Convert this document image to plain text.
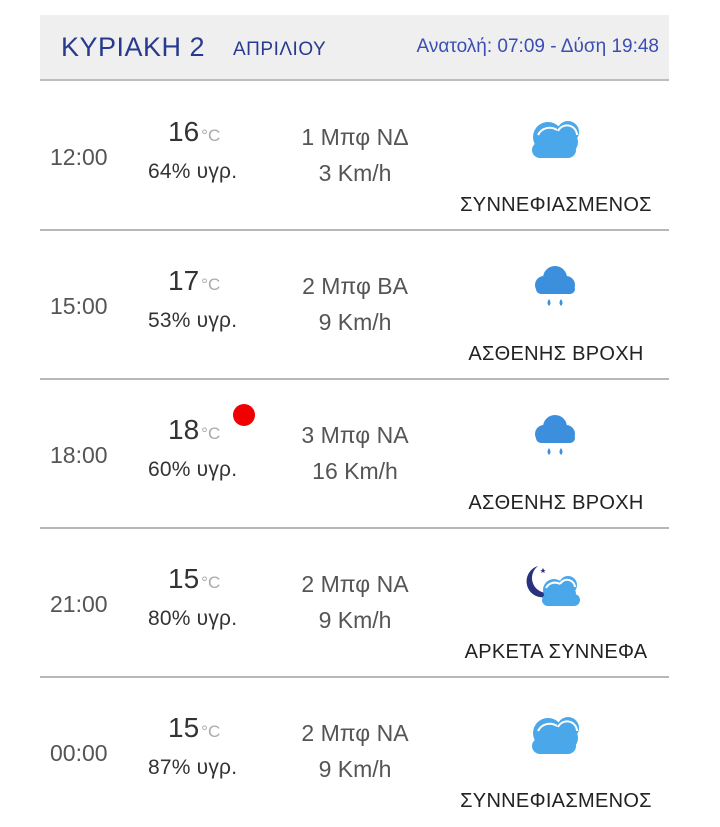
ΚΥΡΙΑΚΗ 2 ΑΠΡΙΛΙΟΥ	Ανατολή: 07:09 - Δύση 19:48
12:00
16 °C
64% υγρ.
1 Μπφ ΝΔ
3 Km/h
ΣΥΝΝΕΦΙΑΣΜΕΝΟΣ
15:00
17 °C
53% υγρ.
2 Μπφ ΒΑ
9 Km/h
ΑΣΘΕΝΗΣ ΒΡΟΧΗ
18:00
18 °C
60% υγρ.
3 Μπφ ΝΑ
16 Km/h
ΑΣΘΕΝΗΣ ΒΡΟΧΗ
21:00
15 °C
80% υγρ.
2 Μπφ ΝΑ
9 Km/h
ΑΡΚΕΤΑ ΣΥΝΝΕΦΑ
00:00
15 °C
87% υγρ.
2 Μπφ ΝΑ
9 Km/h
ΣΥΝΝΕΦΙΑΣΜΕΝΟΣ
